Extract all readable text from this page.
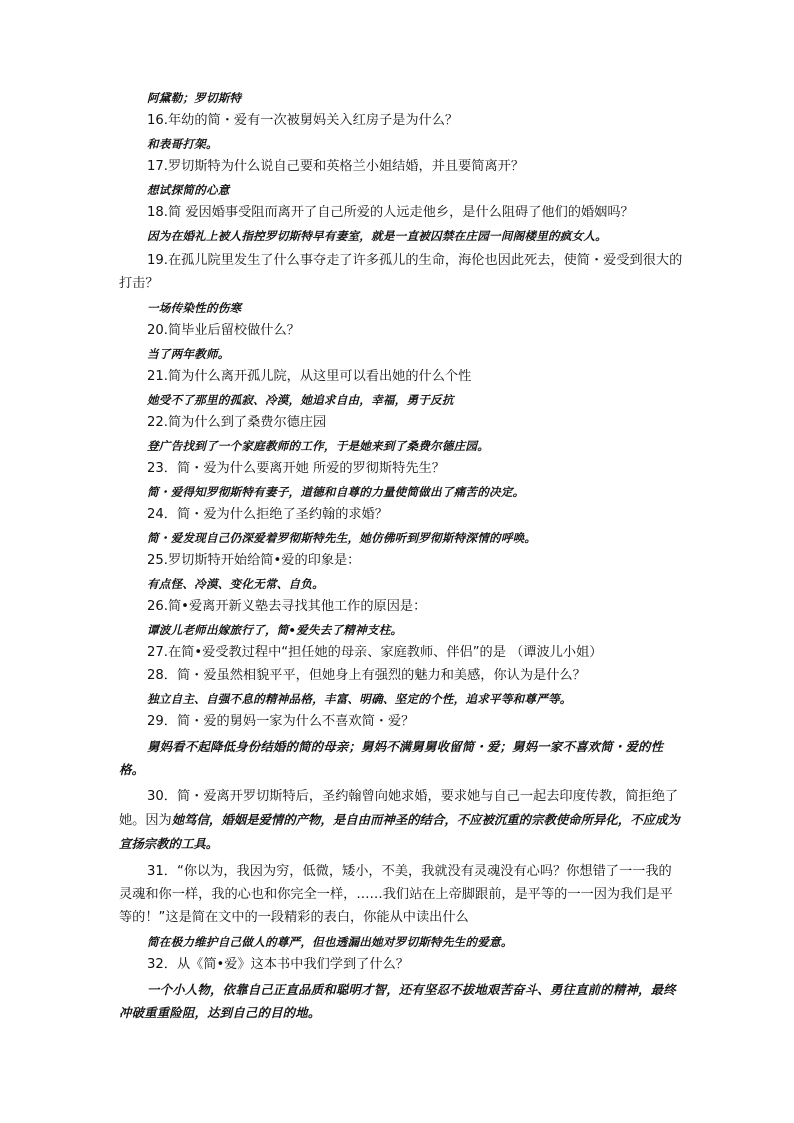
阿黛勒；罗切斯特
16.年幼的简・爱有一次被舅妈关入红房子是为什么？
和表哥打架。
17.罗切斯特为什么说自己要和英格兰小姐结婚，并且要简离开？
想试探简的心意
18.简 爱因婚事受阻而离开了自己所爱的人远走他乡，是什么阻碍了他们的婚姻吗？
因为在婚礼上被人指控罗切斯特早有妻室，就是一直被囚禁在庄园一间阁楼里的疯女人。
19.在孤儿院里发生了什么事夺走了许多孤儿的生命，海伦也因此死去，使简・爱受到很大的打击？
一场传染性的伤寒
20.简毕业后留校做什么？
当了两年教师。
21.简为什么离开孤儿院，从这里可以看出她的什么个性
她受不了那里的孤寂、冷漠，她追求自由，幸福，勇于反抗
22.简为什么到了桑费尔德庄园
登广告找到了一个家庭教师的工作，于是她来到了桑费尔德庄园。
23．简・爱为什么要离开她 所爱的罗彻斯特先生？
简・爱得知罗彻斯特有妻子，道德和自尊的力量使简做出了痛苦的决定。
24．简・爱为什么拒绝了圣约翰的求婚？
简・爱发现自己仍深爱着罗彻斯特先生，她仿佛听到罗彻斯特深情的呼唤。
25.罗切斯特开始给简•爱的印象是：
有点怪、冷漠、变化无常、自负。
26.简•爱离开新义塾去寻找其他工作的原因是：
谭波儿老师出嫁旅行了，简•爱失去了精神支柱。
27.在简•爱受教过程中“担任她的母亲、家庭教师、伴侣”的是 （谭波儿小姐）
28．简・爱虽然相貌平平，但她身上有强烈的魅力和美感，你认为是什么？
独立自主、自强不息的精神品格，丰富、明确、坚定的个性，追求平等和尊严等。
29．简・爱的舅妈一家为什么不喜欢简・爱？
舅妈看不起降低身份结婚的简的母亲；舅妈不满舅舅收留简・爱；舅妈一家不喜欢简・爱的性格。
30．简・爱离开罗切斯特后，圣约翰曾向她求婚，要求她与自己一起去印度传教，简拒绝了她。因为她笃信，婚姻是爱情的产物，是自由而神圣的结合，不应被沉重的宗教使命所异化，不应成为宣扬宗教的工具。
31．“你以为，我因为穷，低微，矮小，不美，我就没有灵魂没有心吗？你想错了一一我的灵魂和你一样，我的心也和你完全一样，……我们站在上帝脚跟前，是平等的一一因为我们是平等的！”这是简在文中的一段精彩的表白，你能从中读出什么
简在极力维护自己做人的尊严，但也透漏出她对罗切斯特先生的爱意。
32．从《简•爱》这本书中我们学到了什么？
一个小人物，依靠自己正直品质和聪明才智，还有坚忍不拔地艰苦奋斗、勇往直前的精神，最终冲破重重险阻，达到自己的目的地。
